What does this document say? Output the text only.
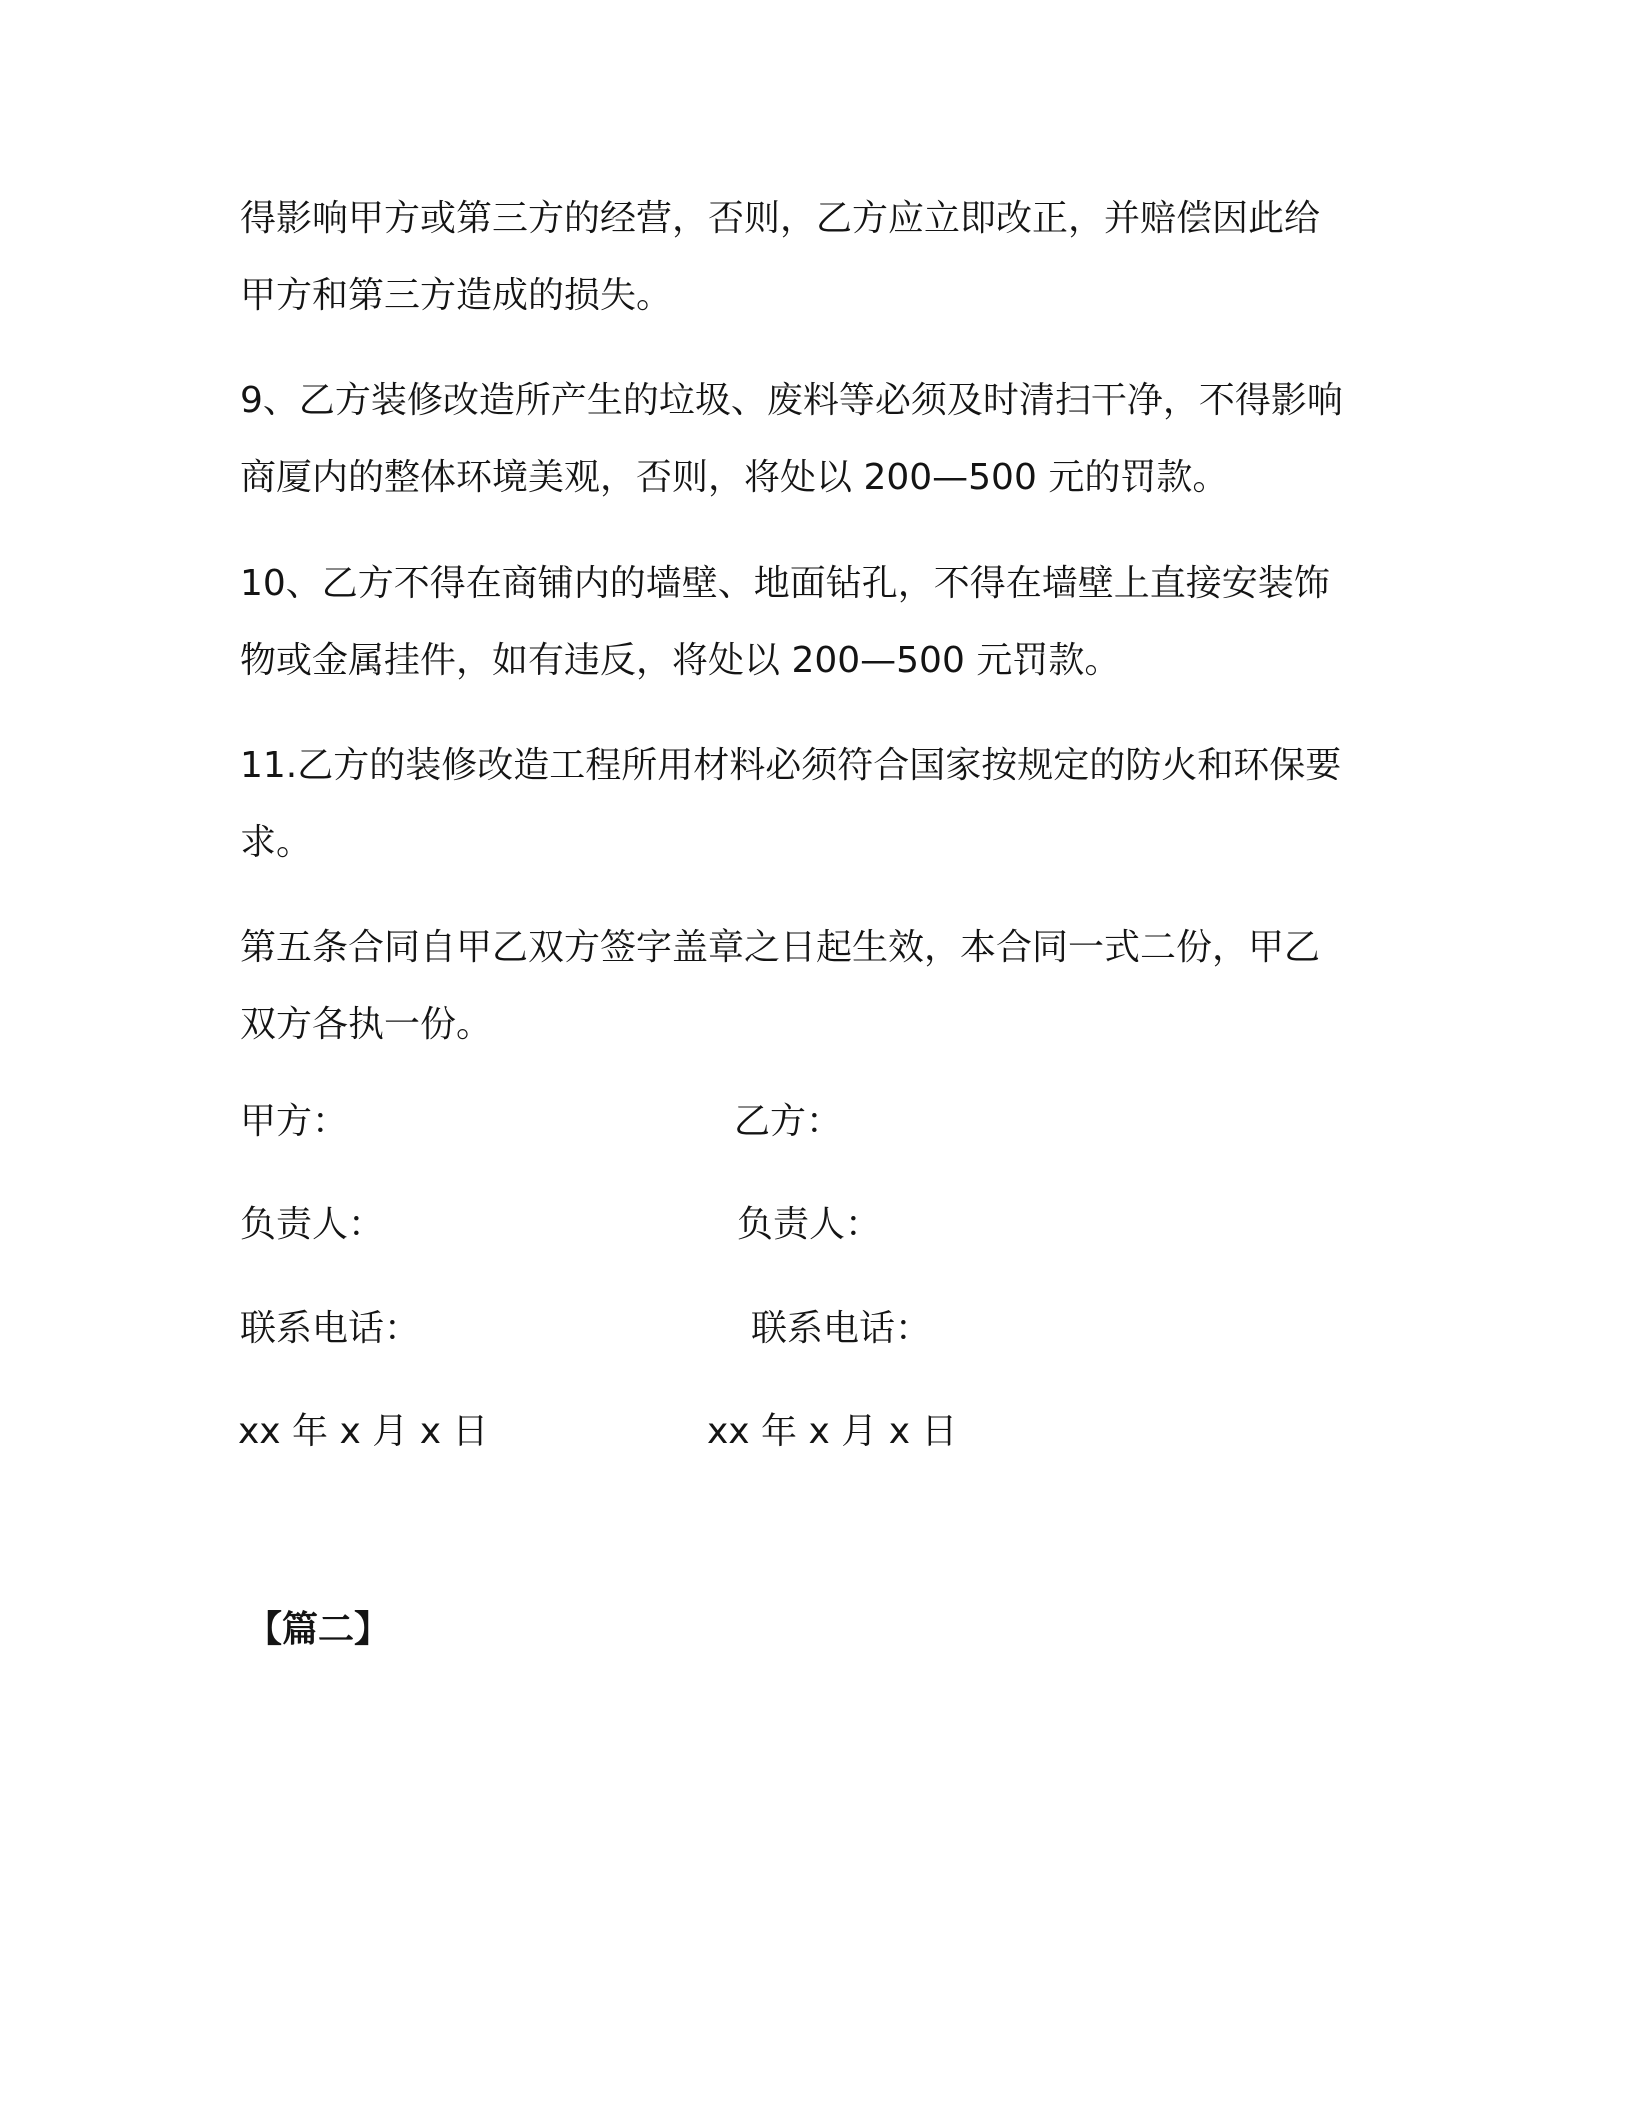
得影响甲方或第三方的经营，否则，乙方应立即改正，并赔偿因此给
甲方和第三方造成的损失。

9、乙方装修改造所产生的垃圾、废料等必须及时清扫干净，不得影响
商厦内的整体环境美观，否则，将处以 200—500 元的罚款。

10、乙方不得在商铺内的墙壁、地面钻孔，不得在墙壁上直接安装饰
物或金属挂件，如有违反，将处以 200—500 元罚款。

11.乙方的装修改造工程所用材料必须符合国家按规定的防火和环保要
求。

第五条合同自甲乙双方签字盖章之日起生效，本合同一式二份，甲乙
双方各执一份。

甲方：	乙方：
负责人：	负责人：
联系电话：	联系电话：
xx 年 x 月 x 日	xx 年 x 月 x 日
【篇二】
